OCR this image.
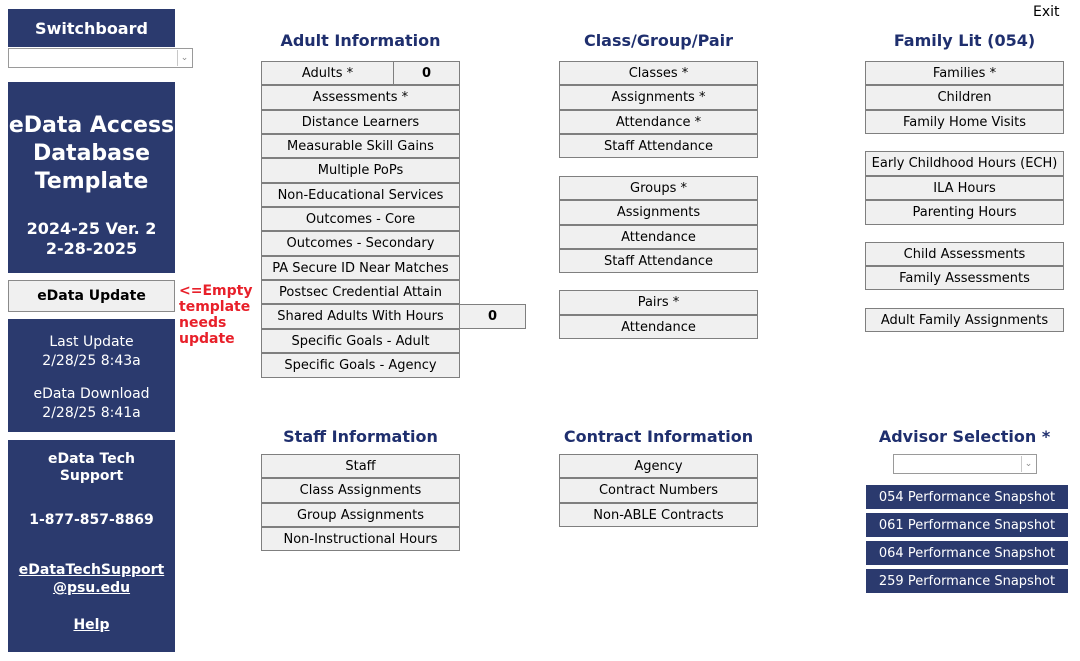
Exit
Switchboard
⌄
eData Access Database Template
2024-25 Ver. 2
2-28-2025
eData Update	<=Empty template needs update
Last Update
2/28/25 8:43a
eData Download
2/28/25 8:41a
eData Tech Support
1-877-857-8869
eDataTechSupport @psu.edu
Help
Adult Information
Adults *	0
Assessments *
Distance Learners
Measurable Skill Gains
Multiple PoPs
Non-Educational Services
Outcomes - Core
Outcomes - Secondary
PA Secure ID Near Matches
Postsec Credential Attain
Shared Adults With Hours	0
Specific Goals - Adult
Specific Goals - Agency
Class/Group/Pair
Classes *
Assignments *
Attendance *
Staff Attendance
Groups *
Assignments
Attendance
Staff Attendance
Pairs *
Attendance
Family Lit (054)
Families *
Children
Family Home Visits
Early Childhood Hours (ECH)
ILA Hours
Parenting Hours
Child Assessments
Family Assessments
Adult Family Assignments
Staff Information
Staff
Class Assignments
Group Assignments
Non-Instructional Hours
Contract Information
Agency
Contract Numbers
Non-ABLE Contracts
Advisor Selection *
⌄
054 Performance Snapshot
061 Performance Snapshot
064 Performance Snapshot
259 Performance Snapshot
